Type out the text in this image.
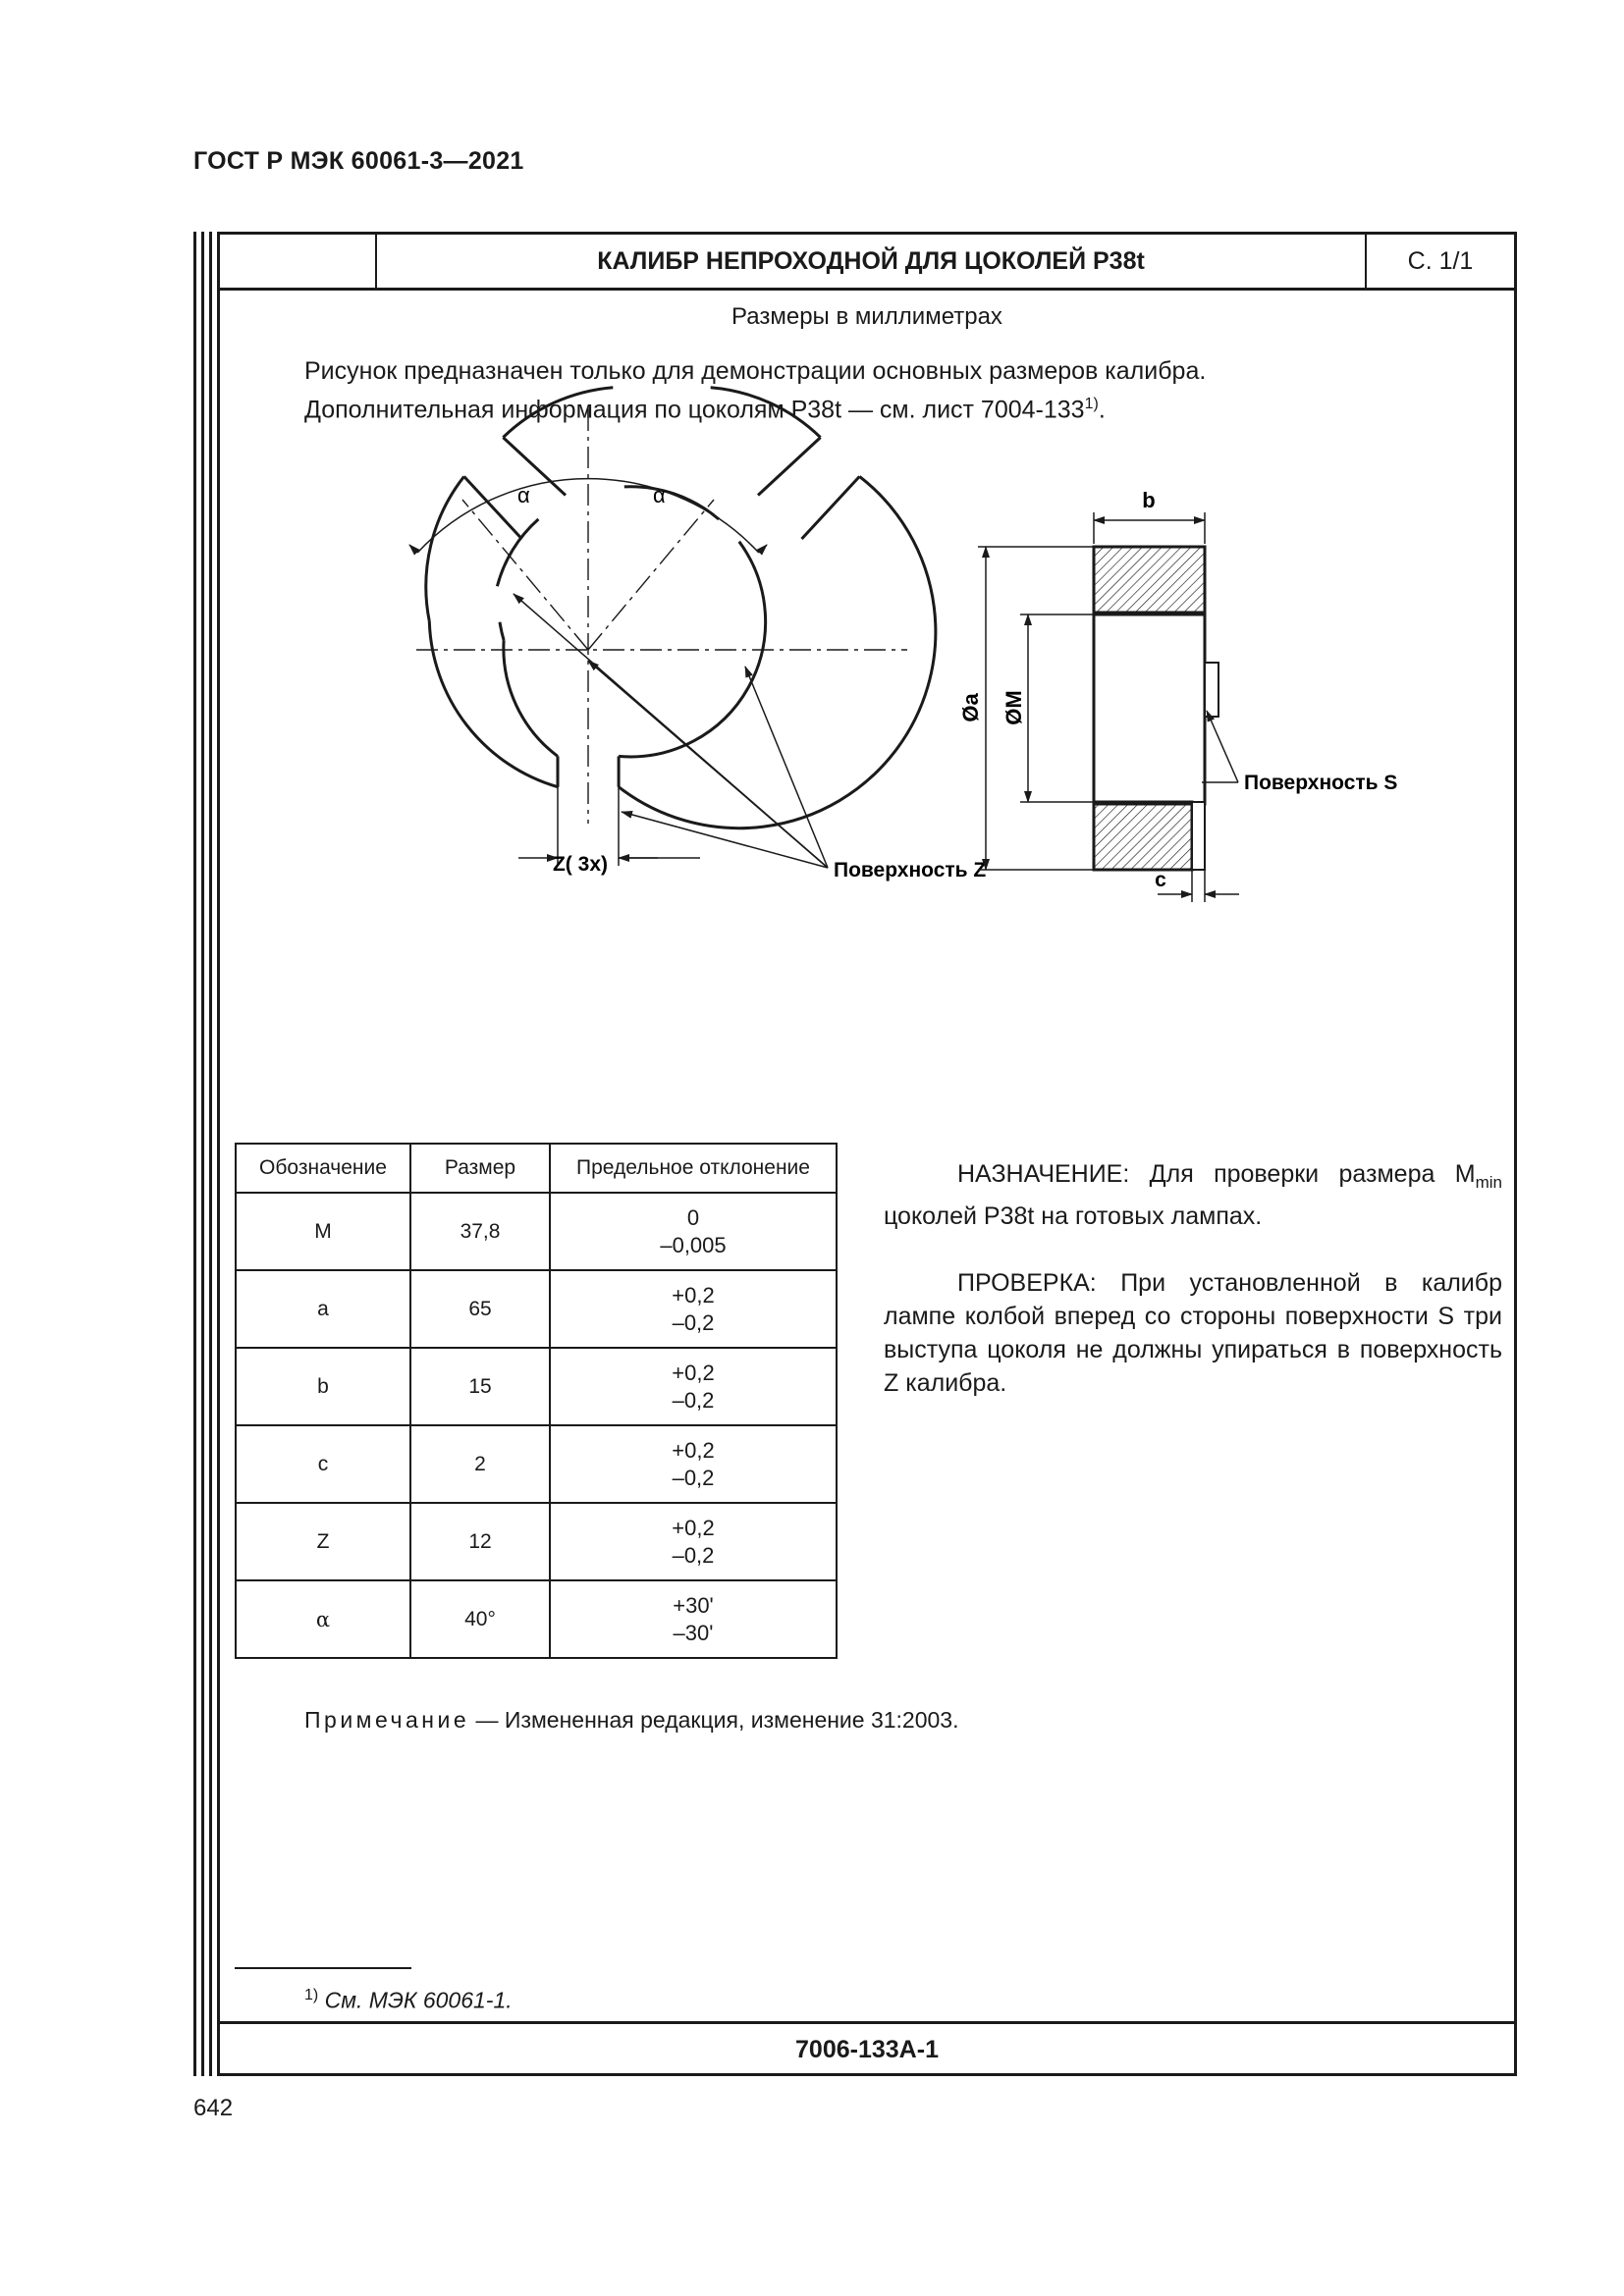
ГОСТ Р МЭК 60061-3—2021
КАЛИБР НЕПРОХОДНОЙ ДЛЯ ЦОКОЛЕЙ P38t	С. 1/1
Размеры в миллиметрах
Рисунок предназначен только для демонстрации основных размеров калибра.
Дополнительная информация по цоколям P38t — см. лист 7004-133$^{1)}$.
α	α
Z( 3x)	Поверхность Z
b
Øa ØM
Поверхность S
c
Обозначение	Размер	Предельное отклонение
M	37,8	0
–0,005

a	65	+0,2
–0,2

b	15	+0,2
–0,2

c	2	+0,2
–0,2

Z	12	+0,2
–0,2

α	40°	+30'
–30'

НАЗНАЧЕНИЕ: Для проверки размера $M_{min}$ цоколей P38t на готовых лампах.

ПРОВЕРКА: При установленной в калибр лампе колбой вперед со стороны поверхности S три выступа цоколя не должны упираться в поверхность Z калибра.

Примечание — Измененная редакция, изменение 31:2003.
$^{1)}$ См. МЭК 60061-1.
7006-133A-1
642
